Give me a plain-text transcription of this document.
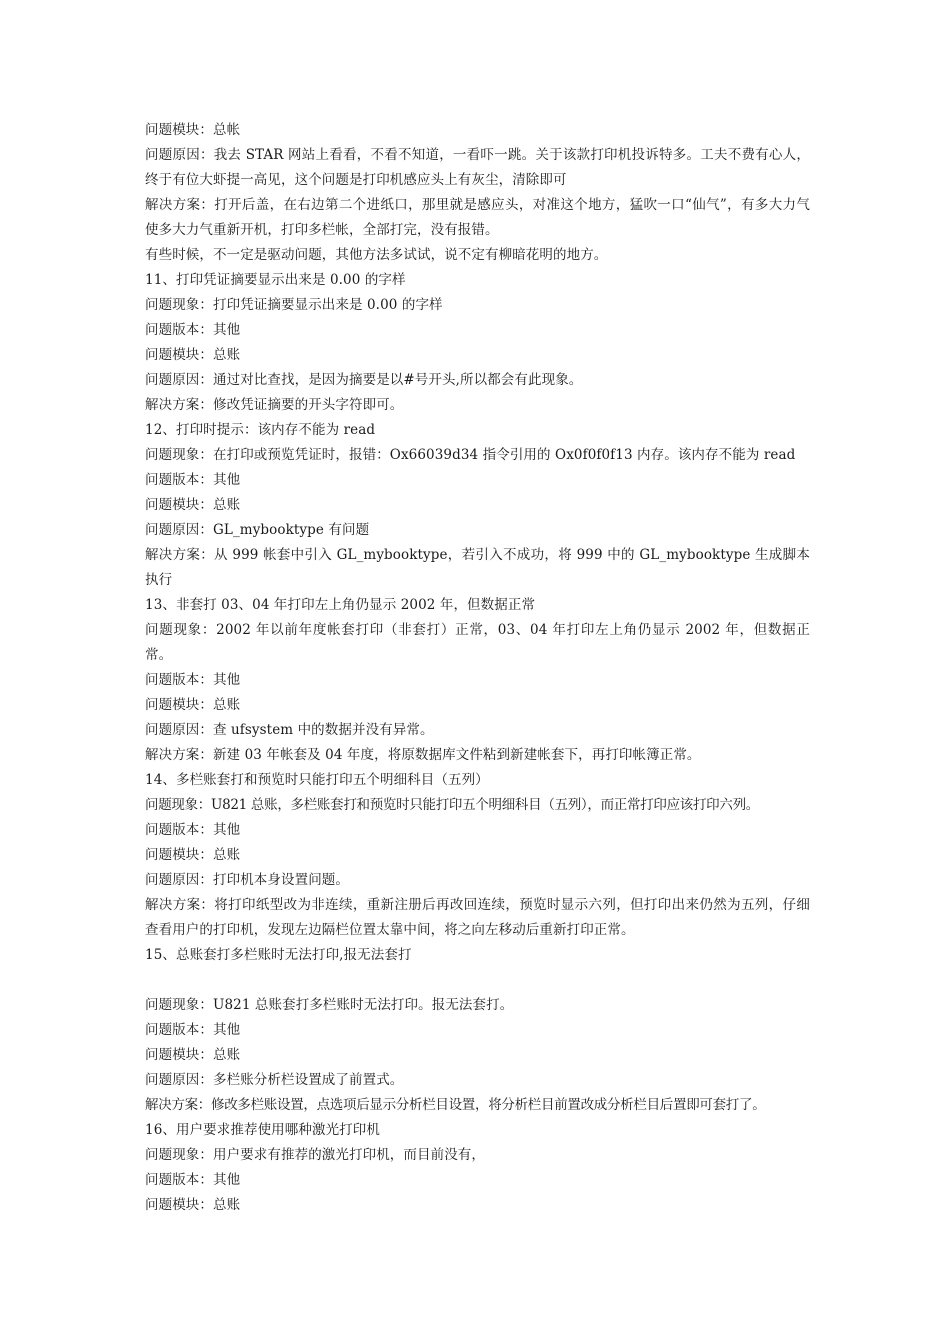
问题模块：总帐
问题原因：我去 STAR 网站上看看，不看不知道，一看吓一跳。关于该款打印机投诉特多。工夫不费有心人，终于有位大虾提一高见，这个问题是打印机感应头上有灰尘，清除即可
解决方案：打开后盖，在右边第二个进纸口，那里就是感应头，对准这个地方，猛吹一口“仙气”，有多大力气使多大力气重新开机，打印多栏帐，全部打完，没有报错。
有些时候，不一定是驱动问题，其他方法多试试，说不定有柳暗花明的地方。
11、打印凭证摘要显示出来是 0.00 的字样
问题现象：打印凭证摘要显示出来是 0.00 的字样
问题版本：其他
问题模块：总账
问题原因：通过对比查找，是因为摘要是以#号开头,所以都会有此现象。
解决方案：修改凭证摘要的开头字符即可。
12、打印时提示：该内存不能为 read
问题现象：在打印或预览凭证时，报错：Ox66039d34 指令引用的 Ox0f0f0f13 内存。该内存不能为 read
问题版本：其他
问题模块：总账
问题原因：GL_mybooktype 有问题
解决方案：从 999 帐套中引入 GL_mybooktype，若引入不成功，将 999 中的 GL_mybooktype 生成脚本执行
13、非套打 03、04 年打印左上角仍显示 2002 年，但数据正常
问题现象：2002 年以前年度帐套打印（非套打）正常，03、04 年打印左上角仍显示 2002 年，但数据正常。
问题版本：其他
问题模块：总账
问题原因：查 ufsystem 中的数据并没有异常。
解决方案：新建 03 年帐套及 04 年度，将原数据库文件粘到新建帐套下，再打印帐簿正常。
14、多栏账套打和预览时只能打印五个明细科目（五列）
问题现象：U821 总账，多栏账套打和预览时只能打印五个明细科目（五列），而正常打印应该打印六列。
问题版本：其他
问题模块：总账
问题原因：打印机本身设置问题。
解决方案：将打印纸型改为非连续，重新注册后再改回连续，预览时显示六列，但打印出来仍然为五列，仔细查看用户的打印机，发现左边隔栏位置太靠中间，将之向左移动后重新打印正常。
15、总账套打多栏账时无法打印,报无法套打
问题现象：U821 总账套打多栏账时无法打印。报无法套打。
问题版本：其他
问题模块：总账
问题原因：多栏账分析栏设置成了前置式。
解决方案：修改多栏账设置，点选项后显示分析栏目设置，将分析栏目前置改成分析栏目后置即可套打了。
16、用户要求推荐使用哪种激光打印机
问题现象：用户要求有推荐的激光打印机，而目前没有，
问题版本：其他
问题模块：总账
